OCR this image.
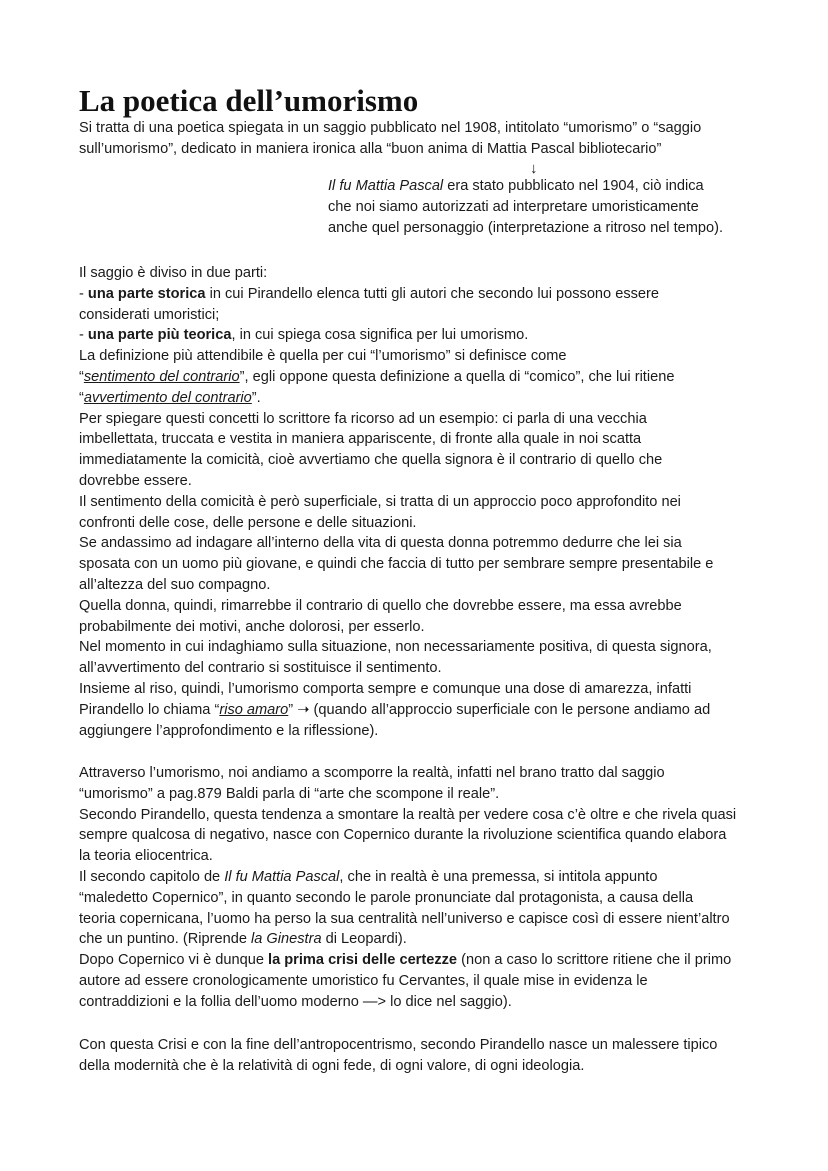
La poetica dell’umorismo

Si tratta di una poetica spiegata in un saggio pubblicato nel 1908, intitolato “umorismo” o “saggio
sull’umorismo”, dedicato in maniera ironica alla “buon anima di Mattia Pascal bibliotecario”

↓

Il fu Mattia Pascal era stato pubblicato nel 1904, ciò indica
che noi siamo autorizzati ad interpretare umoristicamente
anche quel personaggio (interpretazione a ritroso nel tempo).

Il saggio è diviso in due parti:
- una parte storica in cui Pirandello elenca tutti gli autori che secondo lui possono essere
considerati umoristici;
- una parte più teorica, in cui spiega cosa significa per lui umorismo.
La definizione più attendibile è quella per cui “l’umorismo” si definisce come
“sentimento del contrario”, egli oppone questa definizione a quella di “comico”, che lui ritiene
“avvertimento del contrario”.
Per spiegare questi concetti lo scrittore fa ricorso ad un esempio: ci parla di una vecchia
imbellettata, truccata e vestita in maniera appariscente, di fronte alla quale in noi scatta
immediatamente la comicità, cioè avvertiamo che quella signora è il contrario di quello che
dovrebbe essere.
Il sentimento della comicità è però superficiale, si tratta di un approccio poco approfondito nei
confronti delle cose, delle persone e delle situazioni.
Se andassimo ad indagare all’interno della vita di questa donna potremmo dedurre che lei sia
sposata con un uomo più giovane, e quindi che faccia di tutto per sembrare sempre presentabile e
all’altezza del suo compagno.
Quella donna, quindi, rimarrebbe il contrario di quello che dovrebbe essere, ma essa avrebbe
probabilmente dei motivi, anche dolorosi, per esserlo.
Nel momento in cui indaghiamo sulla situazione, non necessariamente positiva, di questa signora,
all’avvertimento del contrario si sostituisce il sentimento.
Insieme al riso, quindi, l’umorismo comporta sempre e comunque una dose di amarezza, infatti
Pirandello lo chiama “riso amaro” ➝ (quando all’approccio superficiale con le persone andiamo ad
aggiungere l’approfondimento e la riflessione).
Attraverso l’umorismo, noi andiamo a scomporre la realtà, infatti nel brano tratto dal saggio
“umorismo” a pag.879 Baldi parla di “arte che scompone il reale”.
Secondo Pirandello, questa tendenza a smontare la realtà per vedere cosa c’è oltre e che rivela quasi
sempre qualcosa di negativo, nasce con Copernico durante la rivoluzione scientifica quando elabora
la teoria eliocentrica.
Il secondo capitolo de Il fu Mattia Pascal, che in realtà è una premessa, si intitola appunto
“maledetto Copernico”, in quanto secondo le parole pronunciate dal protagonista, a causa della
teoria copernicana, l’uomo ha perso la sua centralità nell’universo e capisce così di essere nient’altro
che un puntino. (Riprende la Ginestra di Leopardi).
Dopo Copernico vi è dunque la prima crisi delle certezze (non a caso lo scrittore ritiene che il primo
autore ad essere cronologicamente umoristico fu Cervantes, il quale mise in evidenza le
contraddizioni e la follia dell’uomo moderno —> lo dice nel saggio).
Con questa Crisi e con la fine dell’antropocentrismo, secondo Pirandello nasce un malessere tipico
della modernità che è la relatività di ogni fede, di ogni valore, di ogni ideologia.
